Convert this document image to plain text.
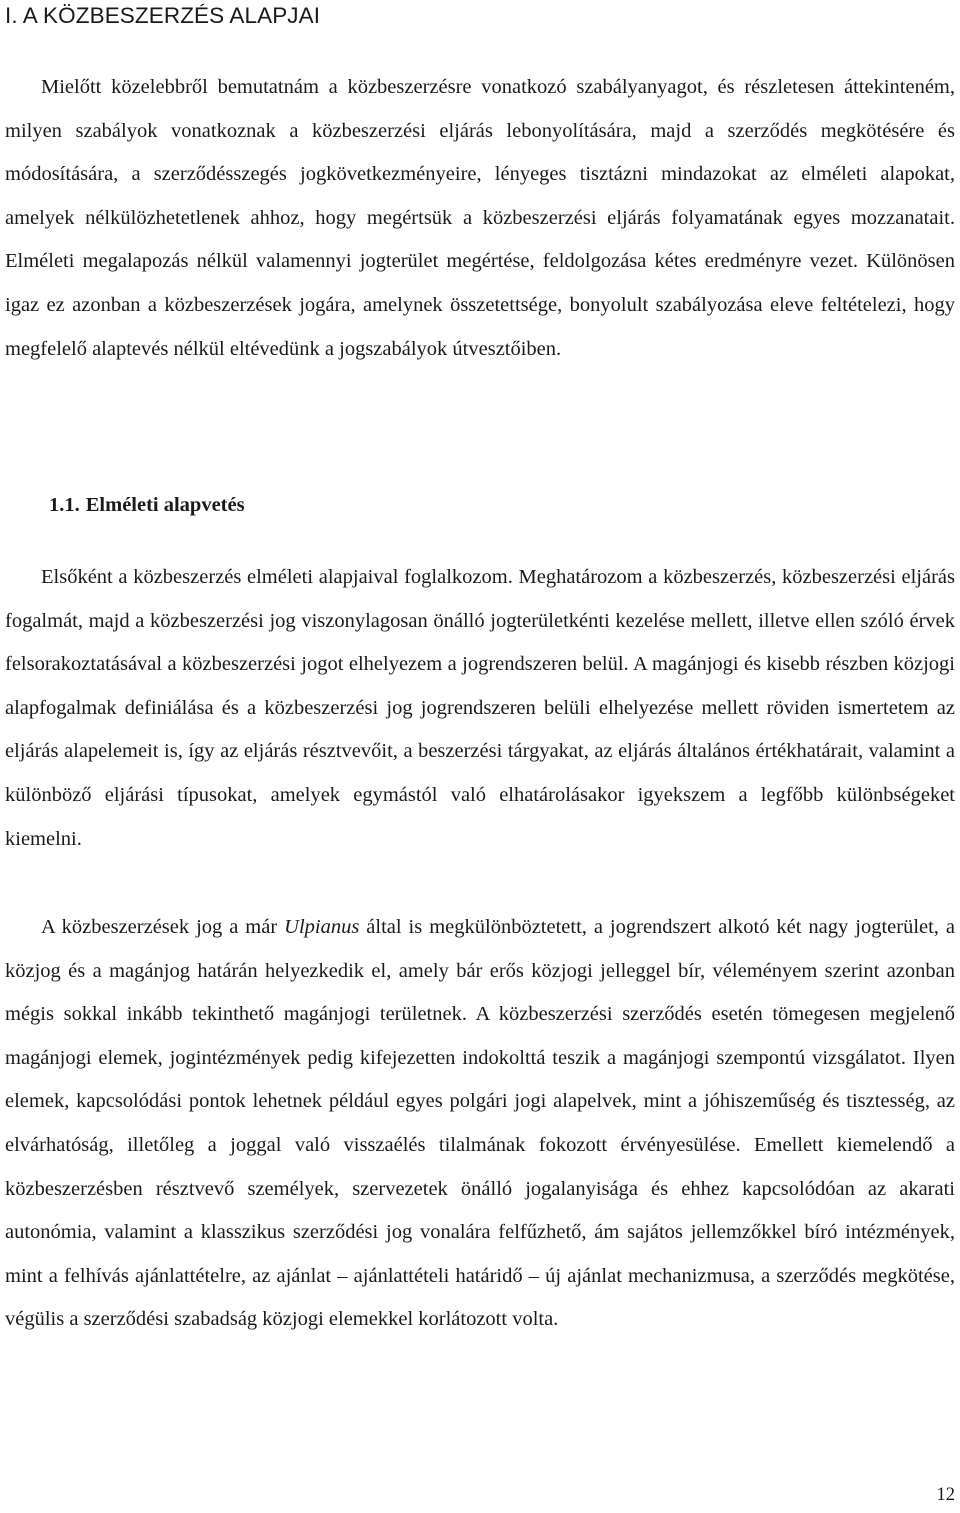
I. A KÖZBESZERZÉS ALAPJAI

Mielőtt közelebbről bemutatnám a közbeszerzésre vonatkozó szabályanyagot, és részletesen áttekinteném, milyen szabályok vonatkoznak a közbeszerzési eljárás lebonyolítására, majd a szerződés megkötésére és módosítására, a szerződésszegés jogkövetkezményeire, lényeges tisztázni mindazokat az elméleti alapokat, amelyek nélkülözhetetlenek ahhoz, hogy megértsük a közbeszerzési eljárás folyamatának egyes mozzanatait. Elméleti megalapozás nélkül valamennyi jogterület megértése, feldolgozása kétes eredményre vezet. Különösen igaz ez azonban a közbeszerzések jogára, amelynek összetettsége, bonyolult szabályozása eleve feltételezi, hogy megfelelő alaptevés nélkül eltévedünk a jogszabályok útvesztőiben.

1.1. Elméleti alapvetés

Elsőként a közbeszerzés elméleti alapjaival foglalkozom. Meghatározom a közbeszerzés, közbeszerzési eljárás fogalmát, majd a közbeszerzési jog viszonylagosan önálló jogterületkénti kezelése mellett, illetve ellen szóló érvek felsorakoztatásával a közbeszerzési jogot elhelyezem a jogrendszeren belül. A magánjogi és kisebb részben közjogi alapfogalmak definiálása és a közbeszerzési jog jogrendszeren belüli elhelyezése mellett röviden ismertetem az eljárás alapelemeit is, így az eljárás résztvevőit, a beszerzési tárgyakat, az eljárás általános értékhatárait, valamint a különböző eljárási típusokat, amelyek egymástól való elhatárolásakor igyekszem a legfőbb különbségeket kiemelni.

A közbeszerzések jog a már Ulpianus által is megkülönböztetett, a jogrendszert alkotó két nagy jogterület, a közjog és a magánjog határán helyezkedik el, amely bár erős közjogi jelleggel bír, véleményem szerint azonban mégis sokkal inkább tekinthető magánjogi területnek. A közbeszerzési szerződés esetén tömegesen megjelenő magánjogi elemek, jogintézmények pedig kifejezetten indokolttá teszik a magánjogi szempontú vizsgálatot. Ilyen elemek, kapcsolódási pontok lehetnek például egyes polgári jogi alapelvek, mint a jóhiszeműség és tisztesség, az elvárhatóság, illetőleg a joggal való visszaélés tilalmának fokozott érvényesülése. Emellett kiemelendő a közbeszerzésben résztvevő személyek, szervezetek önálló jogalanyisága és ehhez kapcsolódóan az akarati autonómia, valamint a klasszikus szerződési jog vonalára felfűzhető, ám sajátos jellemzőkkel bíró intézmények, mint a felhívás ajánlattételre, az ajánlat – ajánlattételi határidő – új ajánlat mechanizmusa, a szerződés megkötése, végülis a szerződési szabadság közjogi elemekkel korlátozott volta.

12
